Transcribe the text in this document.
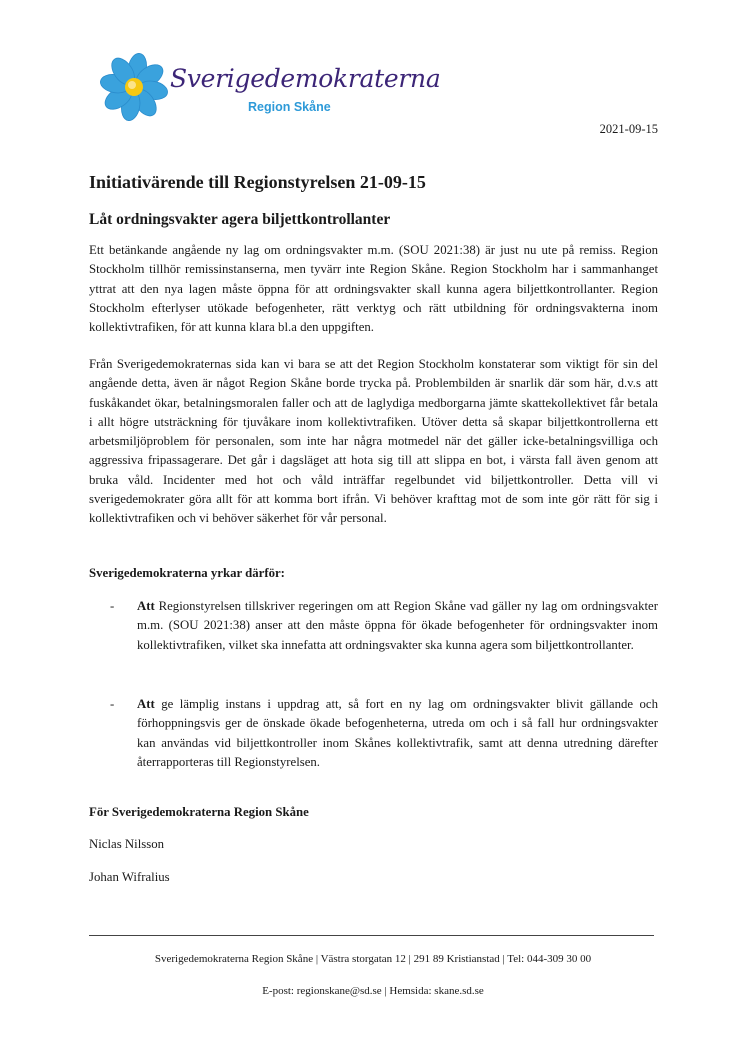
Sverigedemokraterna
Region Skåne
2021-09-15
Initiativärende till Regionstyrelsen 21-09-15
Låt ordningsvakter agera biljettkontrollanter

Ett betänkande angående ny lag om ordningsvakter m.m. (SOU 2021:38) är just nu ute på remiss. Region Stockholm tillhör remissinstanserna, men tyvärr inte Region Skåne. Region Stockholm har i sammanhanget yttrat att den nya lagen måste öppna för att ordningsvakter skall kunna agera biljettkontrollanter. Region Stockholm efterlyser utökade befogenheter, rätt verktyg och rätt utbildning för ordningsvakterna inom kollektivtrafiken, för att kunna klara bl.a den uppgiften.

Från Sverigedemokraternas sida kan vi bara se att det Region Stockholm konstaterar som viktigt för sin del angående detta, även är något Region Skåne borde trycka på. Problembilden är snarlik där som här, d.v.s att fuskåkandet ökar, betalningsmoralen faller och att de laglydiga medborgarna jämte skattekollektivet får betala i allt högre utsträckning för tjuvåkare inom kollektivtrafiken. Utöver detta så skapar biljettkontrollerna ett arbetsmiljöproblem för personalen, som inte har några motmedel när det gäller icke-betalningsvilliga och aggressiva fripassagerare. Det går i dagsläget att hota sig till att slippa en bot, i värsta fall även genom att bruka våld. Incidenter med hot och våld inträffar regelbundet vid biljettkontroller. Detta vill vi sverigedemokrater göra allt för att komma bort ifrån. Vi behöver krafttag mot de som inte gör rätt för sig i kollektivtrafiken och vi behöver säkerhet för vår personal.

Sverigedemokraterna yrkar därför:

- Att Regionstyrelsen tillskriver regeringen om att Region Skåne vad gäller ny lag om ordningsvakter m.m. (SOU 2021:38) anser att den måste öppna för ökade befogenheter för ordningsvakter inom kollektivtrafiken, vilket ska innefatta att ordningsvakter ska kunna agera som biljettkontrollanter.

- Att ge lämplig instans i uppdrag att, så fort en ny lag om ordningsvakter blivit gällande och förhoppningsvis ger de önskade ökade befogenheterna, utreda om och i så fall hur ordningsvakter kan användas vid biljettkontroller inom Skånes kollektivtrafik, samt att denna utredning därefter återrapporteras till Regionstyrelsen.

För Sverigedemokraterna Region Skåne

Niclas Nilsson
Johan Wifralius
Sverigedemokraterna Region Skåne | Västra storgatan 12 | 291 89 Kristianstad | Tel: 044-309 30 00
E-post: regionskane@sd.se | Hemsida: skane.sd.se
